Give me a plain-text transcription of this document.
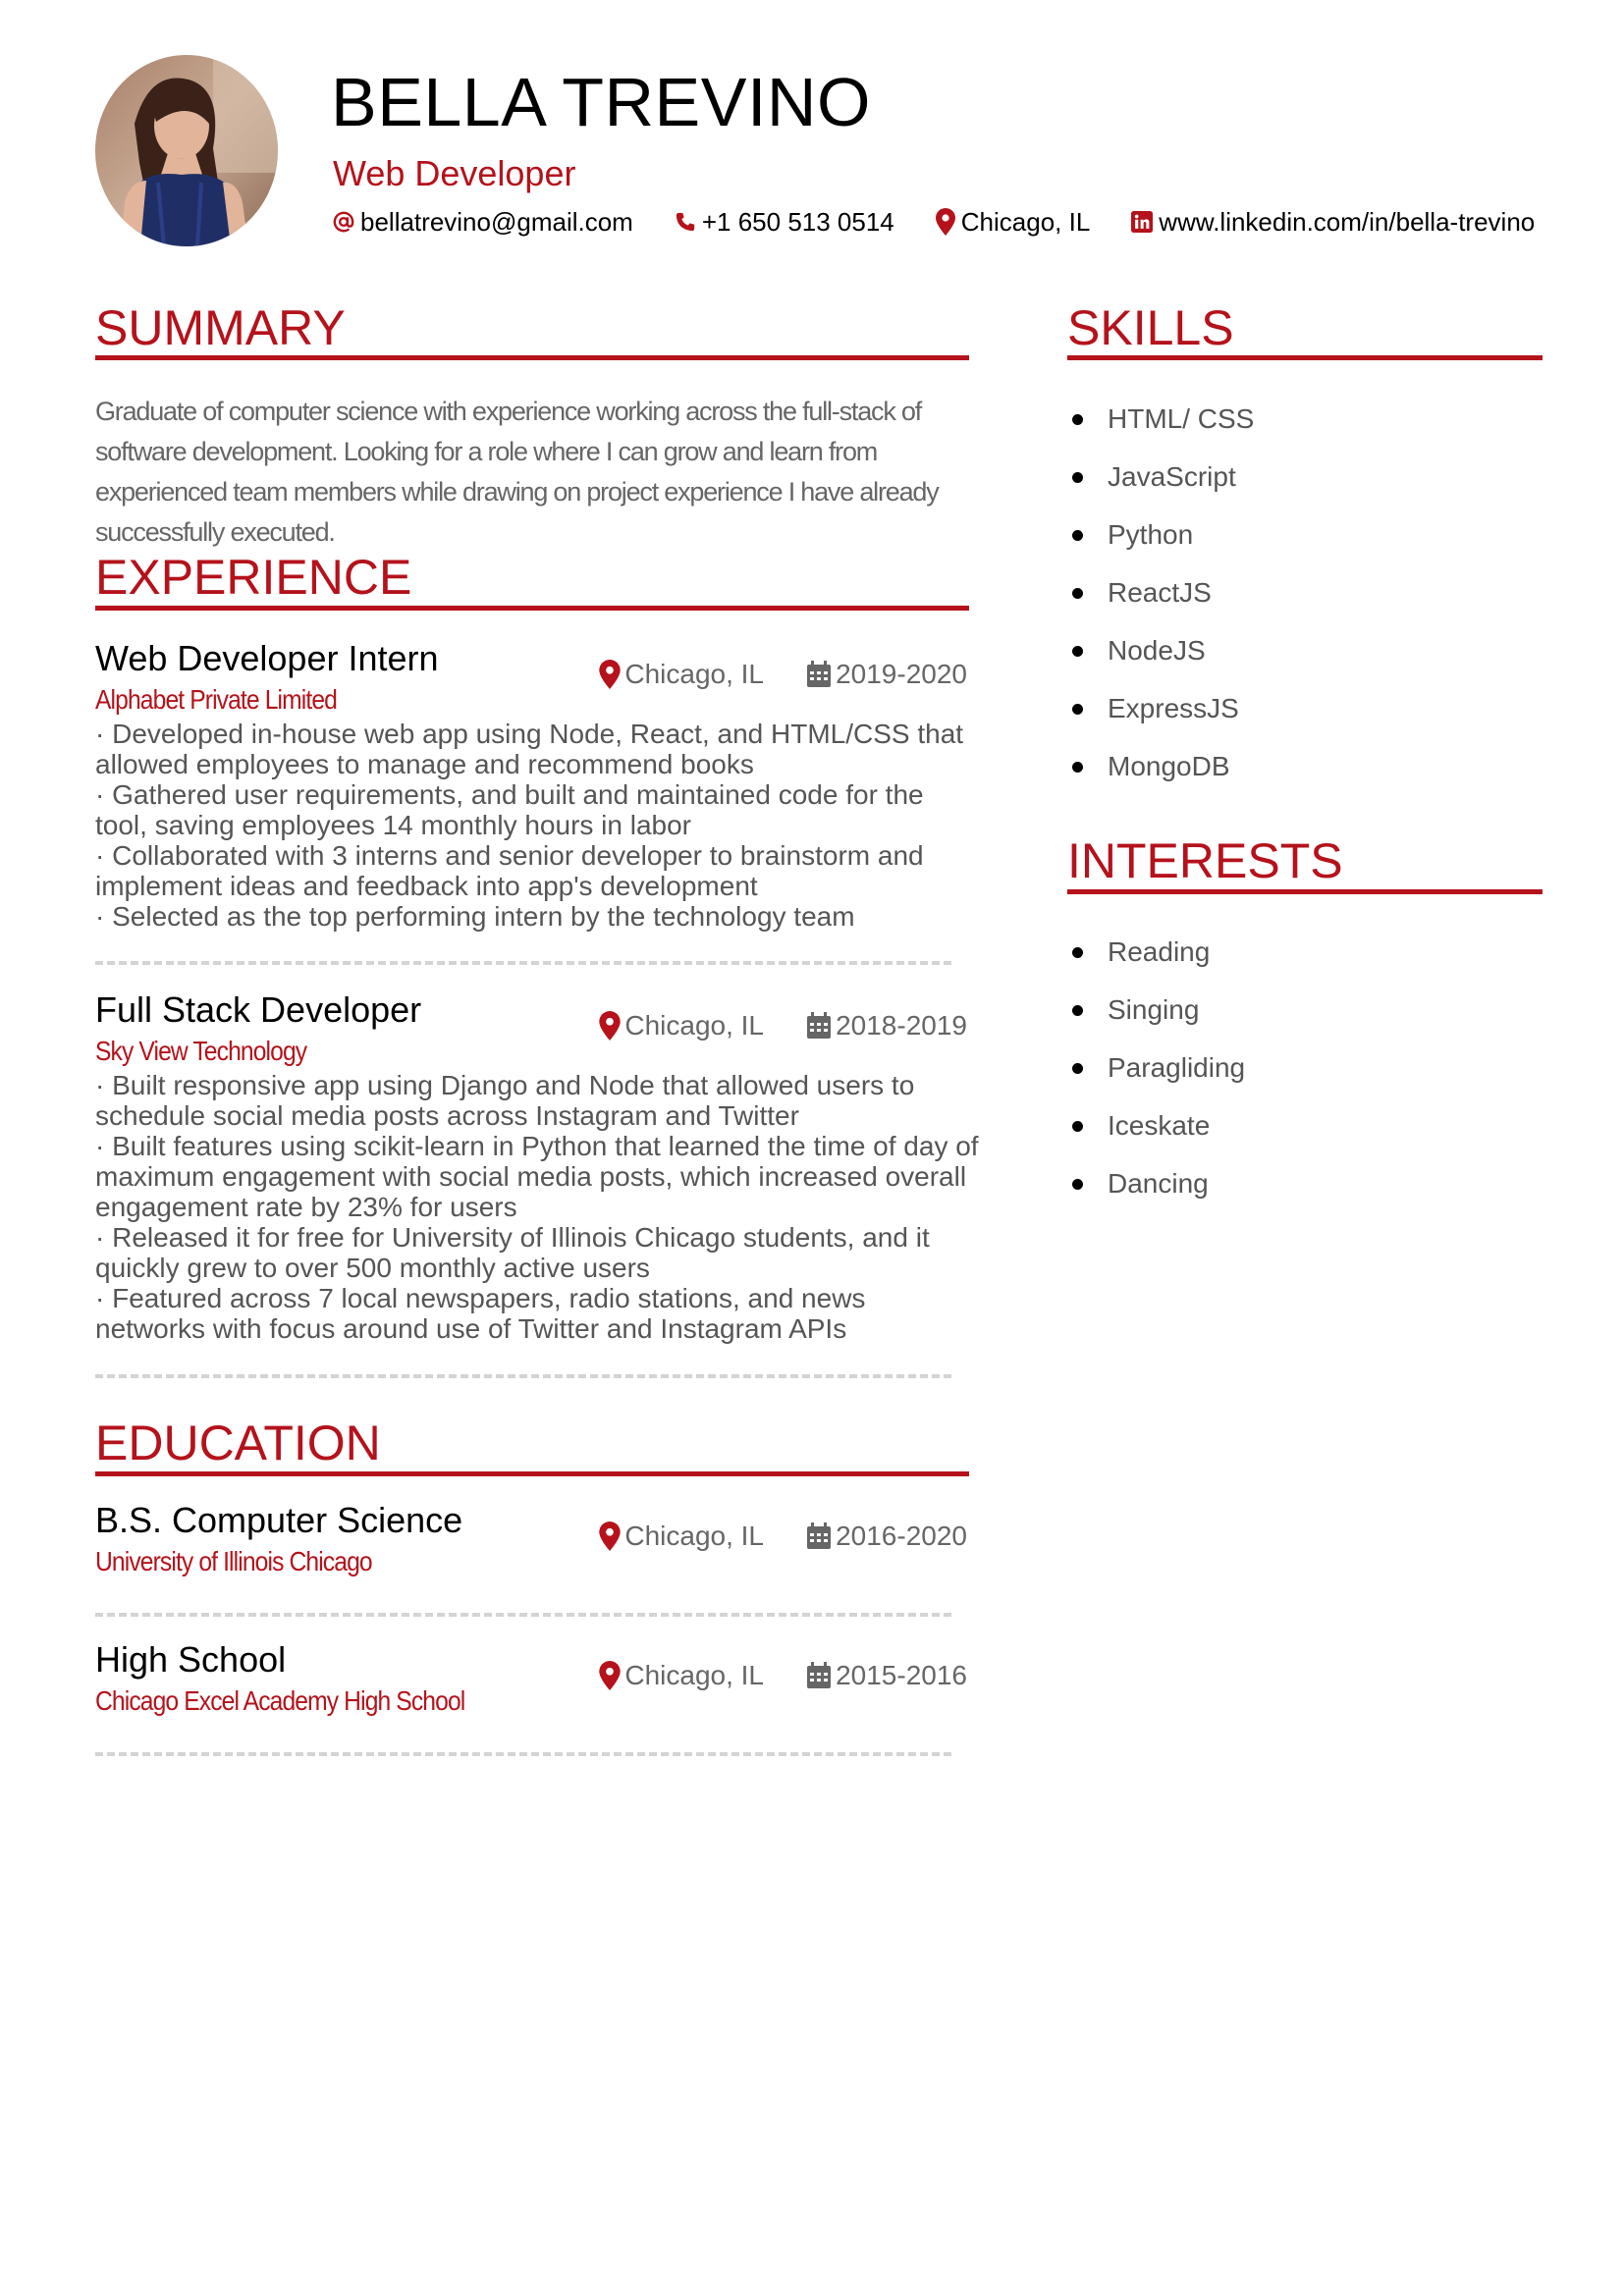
BELLA TREVINO
Web Developer
bellatrevino@gmail.com	+1 650 513 0514	Chicago, IL	www.linkedin.com/in/bella-trevino
SUMMARY
Graduate of computer science with experience working across the full-stack of software development. Looking for a role where I can grow and learn from experienced team members while drawing on project experience I have already successfully executed.
EXPERIENCE
Web Developer Intern
Alphabet Private Limited
Chicago, IL	2019-2020
· Developed in-house web app using Node, React, and HTML/CSS that allowed employees to manage and recommend books
· Gathered user requirements, and built and maintained code for the tool, saving employees 14 monthly hours in labor
· Collaborated with 3 interns and senior developer to brainstorm and implement ideas and feedback into app's development
· Selected as the top performing intern by the technology team
Full Stack Developer
Sky View Technology
Chicago, IL	2018-2019
· Built responsive app using Django and Node that allowed users to schedule social media posts across Instagram and Twitter
· Built features using scikit-learn in Python that learned the time of day of maximum engagement with social media posts, which increased overall engagement rate by 23% for users
· Released it for free for University of Illinois Chicago students, and it quickly grew to over 500 monthly active users
· Featured across 7 local newspapers, radio stations, and news networks with focus around use of Twitter and Instagram APIs
EDUCATION
B.S. Computer Science
University of Illinois Chicago
Chicago, IL	2016-2020
High School
Chicago Excel Academy High School
Chicago, IL	2015-2016
SKILLS
HTML/ CSS
JavaScript
Python
ReactJS
NodeJS
ExpressJS
MongoDB
INTERESTS
Reading
Singing
Paragliding
Iceskate
Dancing
